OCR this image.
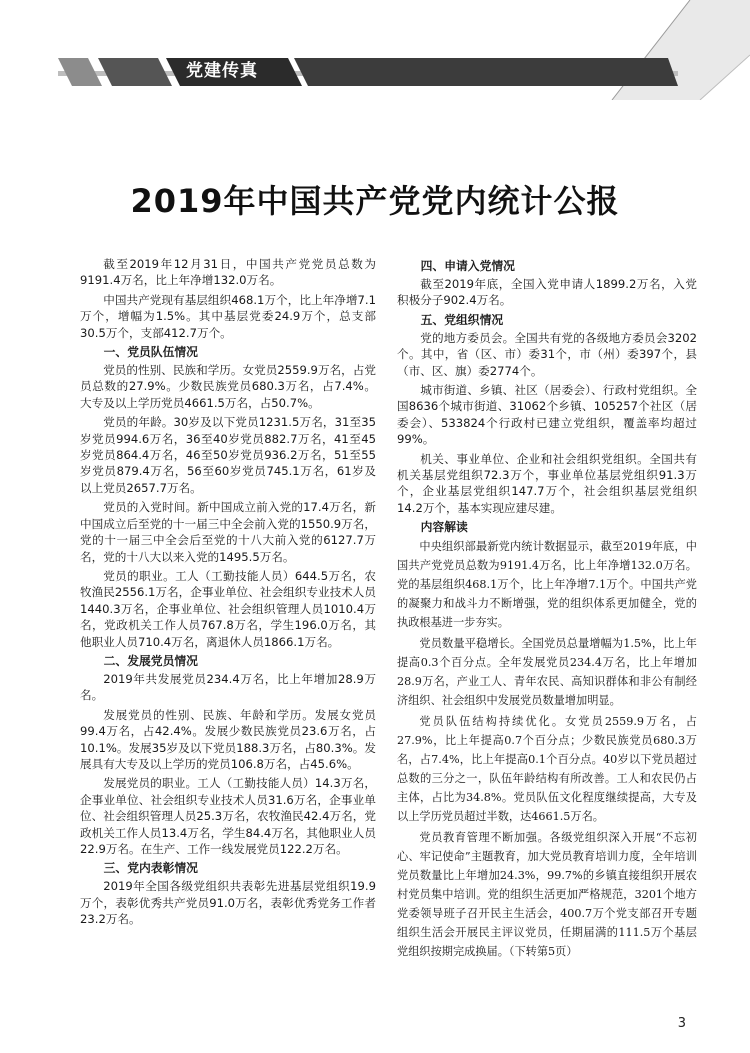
党建传真
2019年中国共产党党内统计公报

截至2019年12月31日，中国共产党党员总数为9191.4万名，比上年净增132.0万名。

中国共产党现有基层组织468.1万个，比上年净增7.1万个，增幅为1.5%。其中基层党委24.9万个，总支部30.5万个，支部412.7万个。

一、党员队伍情况

党员的性别、民族和学历。女党员2559.9万名，占党员总数的27.9%。少数民族党员680.3万名，占7.4%。大专及以上学历党员4661.5万名，占50.7%。

党员的年龄。30岁及以下党员1231.5万名，31至35岁党员994.6万名，36至40岁党员882.7万名，41至45岁党员864.4万名，46至50岁党员936.2万名，51至55岁党员879.4万名，56至60岁党员745.1万名，61岁及以上党员2657.7万名。

党员的入党时间。新中国成立前入党的17.4万名，新中国成立后至党的十一届三中全会前入党的1550.9万名，党的十一届三中全会后至党的十八大前入党的6127.7万名，党的十八大以来入党的1495.5万名。

党员的职业。工人（工勤技能人员）644.5万名，农牧渔民2556.1万名，企事业单位、社会组织专业技术人员1440.3万名，企事业单位、社会组织管理人员1010.4万名，党政机关工作人员767.8万名，学生196.0万名，其他职业人员710.4万名，离退休人员1866.1万名。

二、发展党员情况

2019年共发展党员234.4万名，比上年增加28.9万名。

发展党员的性别、民族、年龄和学历。发展女党员99.4万名，占42.4%。发展少数民族党员23.6万名，占10.1%。发展35岁及以下党员188.3万名，占80.3%。发展具有大专及以上学历的党员106.8万名，占45.6%。

发展党员的职业。工人（工勤技能人员）14.3万名，企事业单位、社会组织专业技术人员31.6万名，企事业单位、社会组织管理人员25.3万名，农牧渔民42.4万名，党政机关工作人员13.4万名，学生84.4万名，其他职业人员22.9万名。在生产、工作一线发展党员122.2万名。

三、党内表彰情况

2019年全国各级党组织共表彰先进基层党组织19.9万个，表彰优秀共产党员91.0万名，表彰优秀党务工作者23.2万名。

四、申请入党情况

截至2019年底，全国入党申请人1899.2万名，入党积极分子902.4万名。

五、党组织情况

党的地方委员会。全国共有党的各级地方委员会3202个。其中，省（区、市）委31个，市（州）委397个，县（市、区、旗）委2774个。

城市街道、乡镇、社区（居委会）、行政村党组织。全国8636个城市街道、31062个乡镇、105257个社区（居委会）、533824个行政村已建立党组织，覆盖率均超过99%。

机关、事业单位、企业和社会组织党组织。全国共有机关基层党组织72.3万个，事业单位基层党组织91.3万个，企业基层党组织147.7万个，社会组织基层党组织14.2万个，基本实现应建尽建。

内容解读

中央组织部最新党内统计数据显示，截至2019年底，中国共产党党员总数为9191.4万名，比上年净增132.0万名。党的基层组织468.1万个，比上年净增7.1万个。中国共产党的凝聚力和战斗力不断增强，党的组织体系更加健全，党的执政根基进一步夯实。

党员数量平稳增长。全国党员总量增幅为1.5%，比上年提高0.3个百分点。全年发展党员234.4万名，比上年增加28.9万名，产业工人、青年农民、高知识群体和非公有制经济组织、社会组织中发展党员数量增加明显。

党员队伍结构持续优化。女党员2559.9万名，占27.9%，比上年提高0.7个百分点；少数民族党员680.3万名，占7.4%，比上年提高0.1个百分点。40岁以下党员超过总数的三分之一，队伍年龄结构有所改善。工人和农民仍占主体，占比为34.8%。党员队伍文化程度继续提高，大专及以上学历党员超过半数，达4661.5万名。

党员教育管理不断加强。各级党组织深入开展“不忘初心、牢记使命”主题教育，加大党员教育培训力度，全年培训党员数量比上年增加24.3%，99.7%的乡镇直接组织开展农村党员集中培训。党的组织生活更加严格规范，3201个地方党委领导班子召开民主生活会，400.7万个党支部召开专题组织生活会开展民主评议党员，任期届满的111.5万个基层党组织按期完成换届。（下转第5页）

3
